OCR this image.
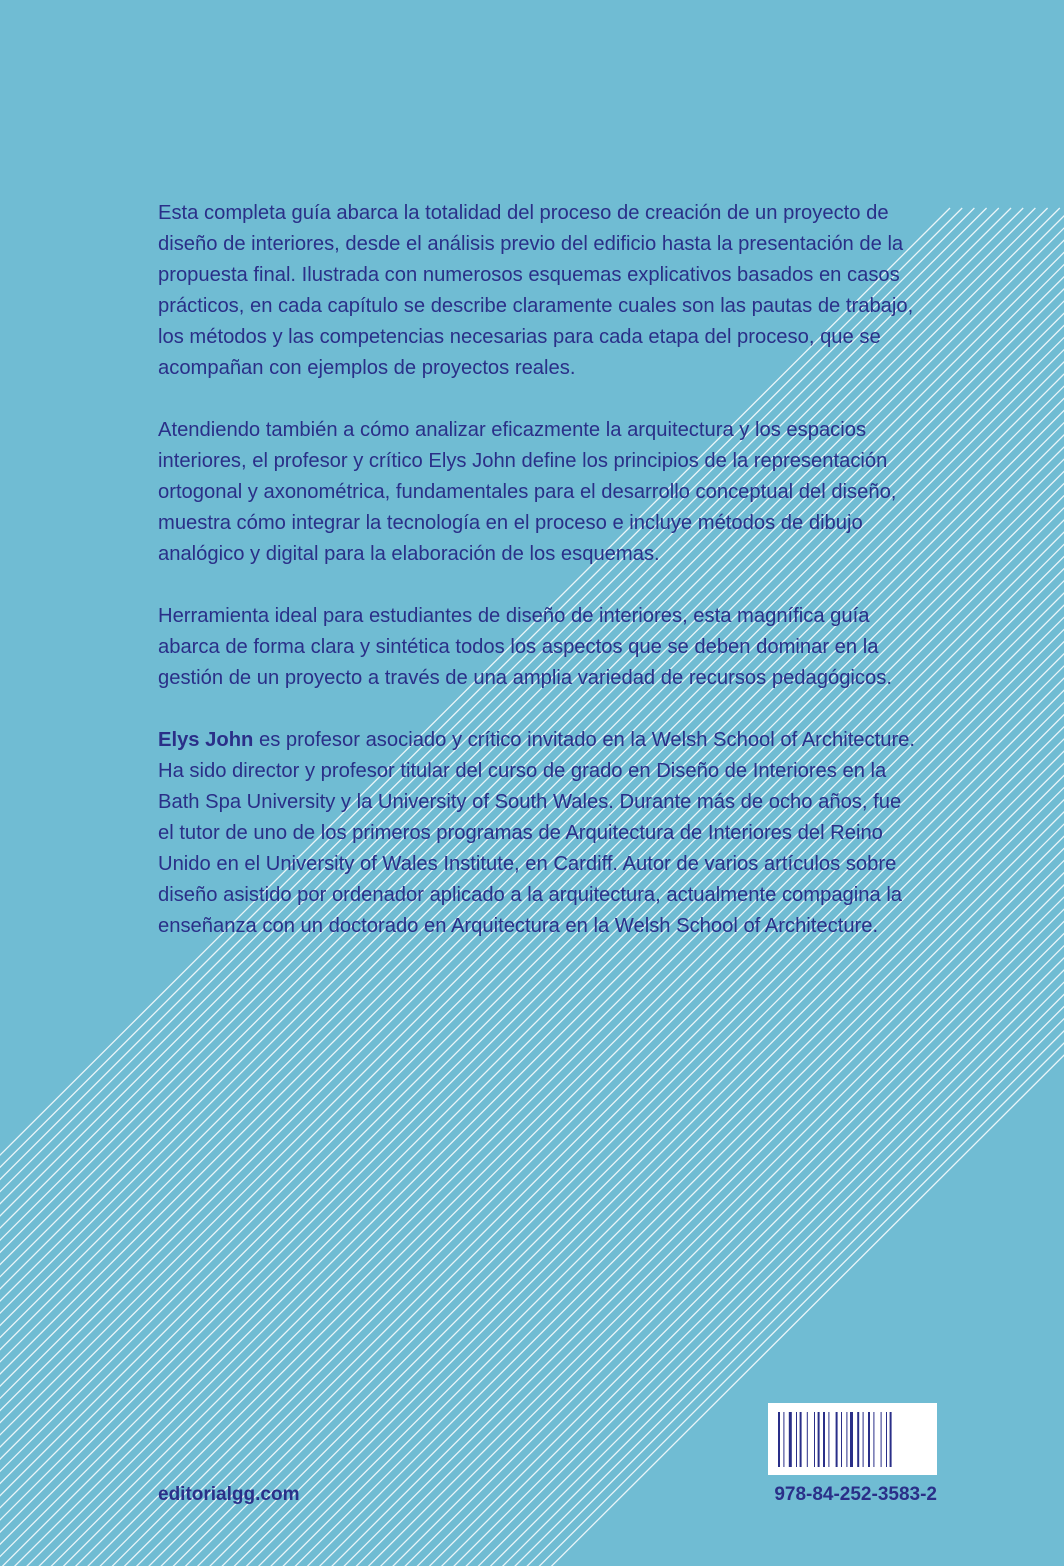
Esta completa guía abarca la totalidad del proceso de creación de un proyecto de diseño de interiores, desde el análisis previo del edificio hasta la presentación de la propuesta final. Ilustrada con numerosos esquemas explicativos basados en casos prácticos, en cada capítulo se describe claramente cuales son las pautas de trabajo, los métodos y las competencias necesarias para cada etapa del proceso, que se acompañan con ejemplos de proyectos reales.

Atendiendo también a cómo analizar eficazmente la arquitectura y los espacios interiores, el profesor y crítico Elys John define los principios de la representación ortogonal y axonométrica, fundamentales para el desarrollo conceptual del diseño, muestra cómo integrar la tecnología en el proceso e incluye métodos de dibujo analógico y digital para la elaboración de los esquemas.

Herramienta ideal para estudiantes de diseño de interiores, esta magnífica guía abarca de forma clara y sintética todos los aspectos que se deben dominar en la gestión de un proyecto a través de una amplia variedad de recursos pedagógicos.

Elys John es profesor asociado y crítico invitado en la Welsh School of Architecture. Ha sido director y profesor titular del curso de grado en Diseño de Interiores en la Bath Spa University y la University of South Wales. Durante más de ocho años, fue el tutor de uno de los primeros programas de Arquitectura de Interiores del Reino Unido en el University of Wales Institute, en Cardiff. Autor de varios artículos sobre diseño asistido por ordenador aplicado a la arquitectura, actualmente compagina la enseñanza con un doctorado en Arquitectura en la Welsh School of Architecture.

editorialgg.com	978-84-252-3583-2
